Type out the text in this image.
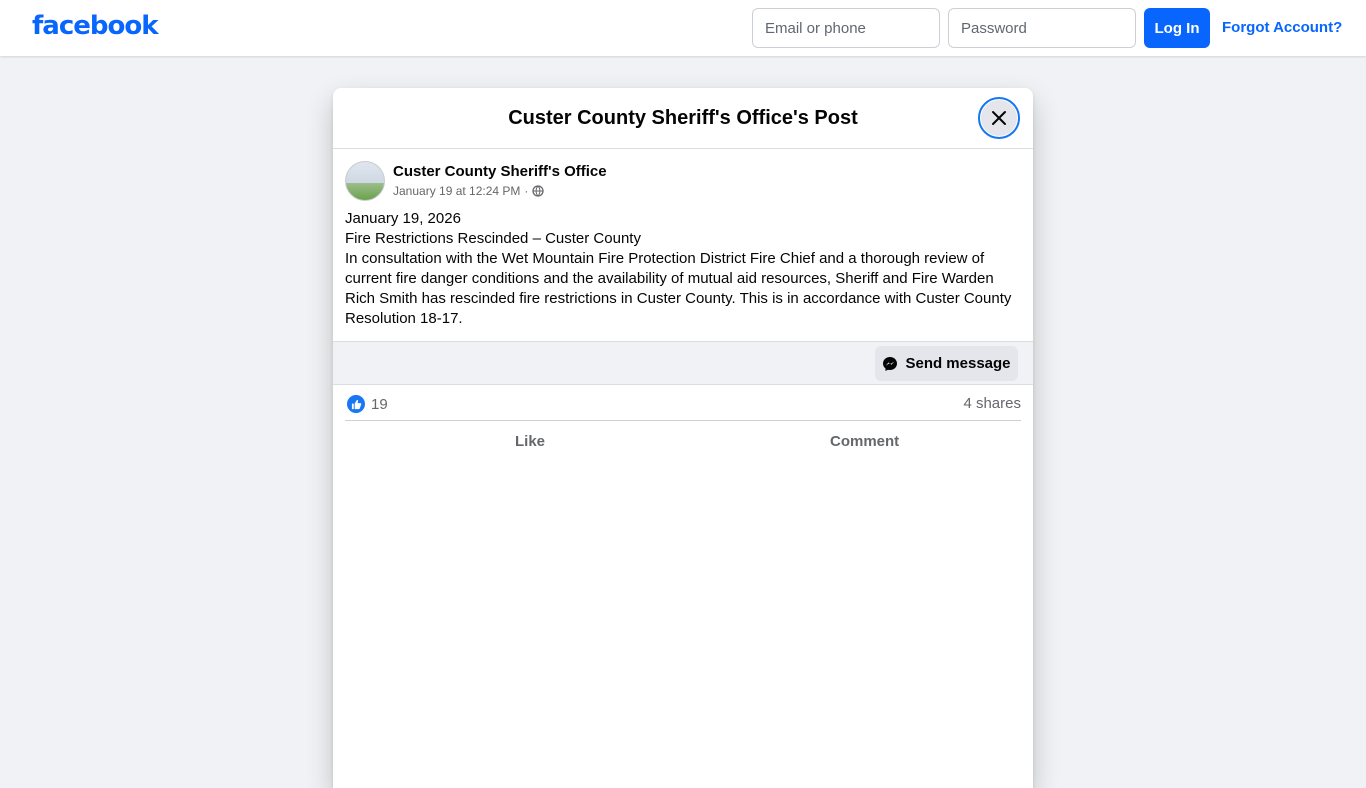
facebook
Email or phone	Log In	Forgot Account?
Custer County Sheriff's Office's Post
Custer County Sheriff's Office
January 19 at 12:24 PM ·

January 19, 2026

Fire Restrictions Rescinded – Custer County

In consultation with the Wet Mountain Fire Protection District Fire Chief and a thorough review of current fire danger conditions and the availability of mutual aid resources, Sheriff and Fire Warden Rich Smith has rescinded fire restrictions in Custer County. This is in accordance with Custer County Resolution 18-17.

Send message
19	4 shares
Like	Comment
